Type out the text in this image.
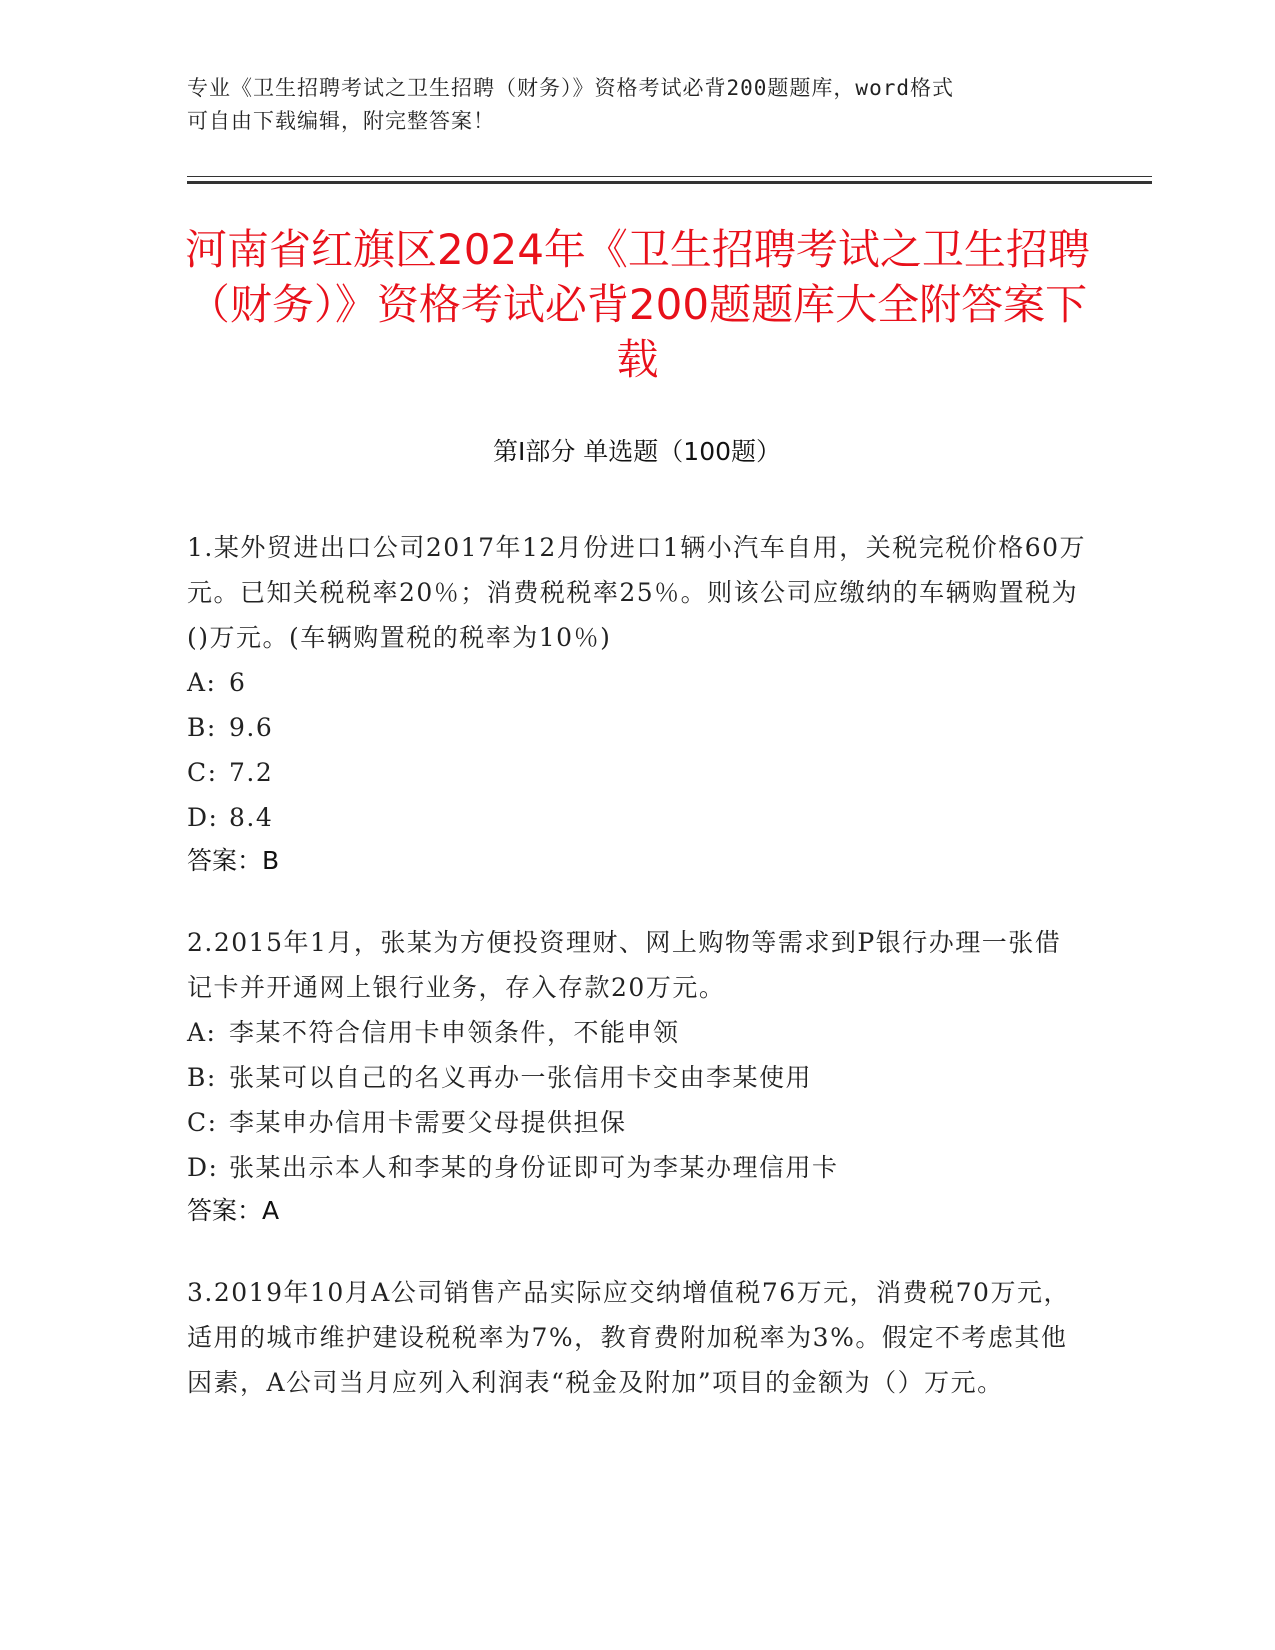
专业《卫生招聘考试之卫生招聘（财务）》资格考试必背200题题库，word格式

可自由下载编辑，附完整答案！

河南省红旗区2024年《卫生招聘考试之卫生招聘（财务）》资格考试必背200题题库大全附答案下载
第Ⅰ部分 单选题（100题）

1.某外贸进出口公司2017年12月份进口1辆小汽车自用，关税完税价格60万元。已知关税税率20％；消费税税率25％。则该公司应缴纳的车辆购置税为()万元。(车辆购置税的税率为10％)

A: 6
B: 9.6
C: 7.2
D: 8.4

答案：B

2.2015年1月，张某为方便投资理财、网上购物等需求到P银行办理一张借记卡并开通网上银行业务，存入存款20万元。

A: 李某不符合信用卡申领条件，不能申领
B: 张某可以自己的名义再办一张信用卡交由李某使用
C: 李某申办信用卡需要父母提供担保
D: 张某出示本人和李某的身份证即可为李某办理信用卡

答案：A

3.2019年10月A公司销售产品实际应交纳增值税76万元，消费税70万元，适用的城市维护建设税税率为7%，教育费附加税率为3%。假定不考虑其他因素，A公司当月应列入利润表“税金及附加”项目的金额为（）万元。
